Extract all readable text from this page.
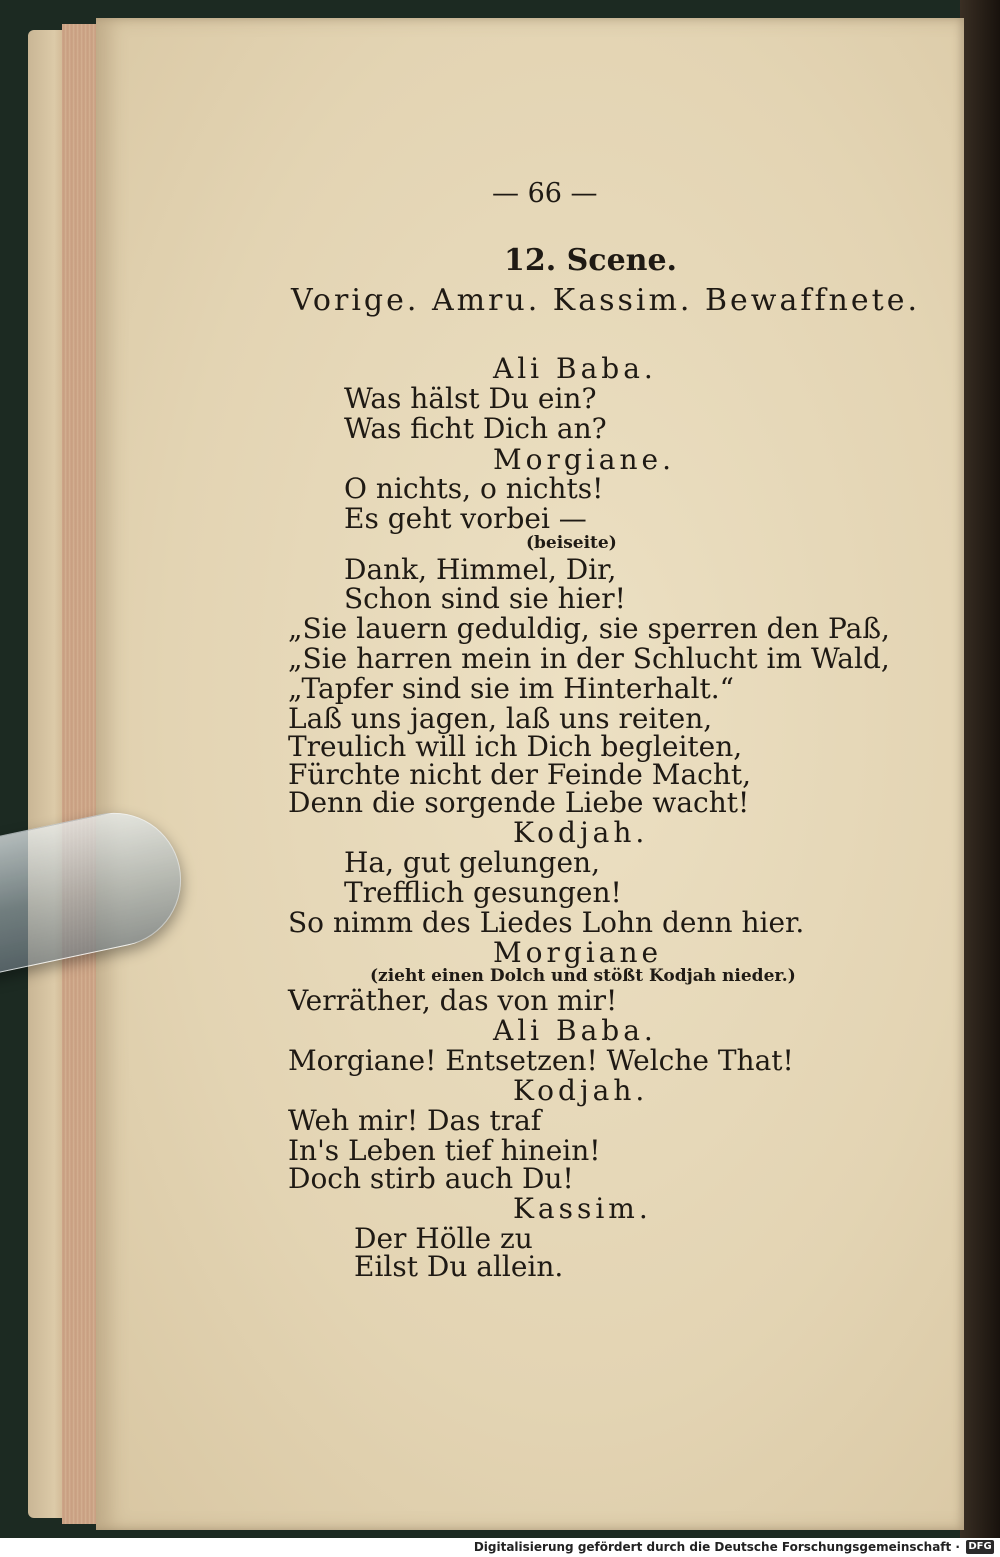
— 66 —
12. Scene.
Vorige. Amru. Kassim. Bewaffnete.
Ali Baba.
Was hälst Du ein?
Was ficht Dich an?
Morgiane.
O nichts, o nichts!
Es geht vorbei —
(beiseite)
Dank, Himmel, Dir,
Schon sind sie hier!
„Sie lauern geduldig, sie sperren den Paß,
„Sie harren mein in der Schlucht im Wald,
„Tapfer sind sie im Hinterhalt.“
Laß uns jagen, laß uns reiten,
Treulich will ich Dich begleiten,
Fürchte nicht der Feinde Macht,
Denn die sorgende Liebe wacht!
Kodjah.
Ha, gut gelungen,
Trefflich gesungen!
So nimm des Liedes Lohn denn hier.
Morgiane
(zieht einen Dolch und stößt Kodjah nieder.)
Verräther, das von mir!
Ali Baba.
Morgiane! Entsetzen! Welche That!
Kodjah.
Weh mir! Das traf
In's Leben tief hinein!
Doch stirb auch Du!
Kassim.
Der Hölle zu
Eilst Du allein.
Digitalisierung gefördert durch die Deutsche Forschungsgemeinschaft · DFG
